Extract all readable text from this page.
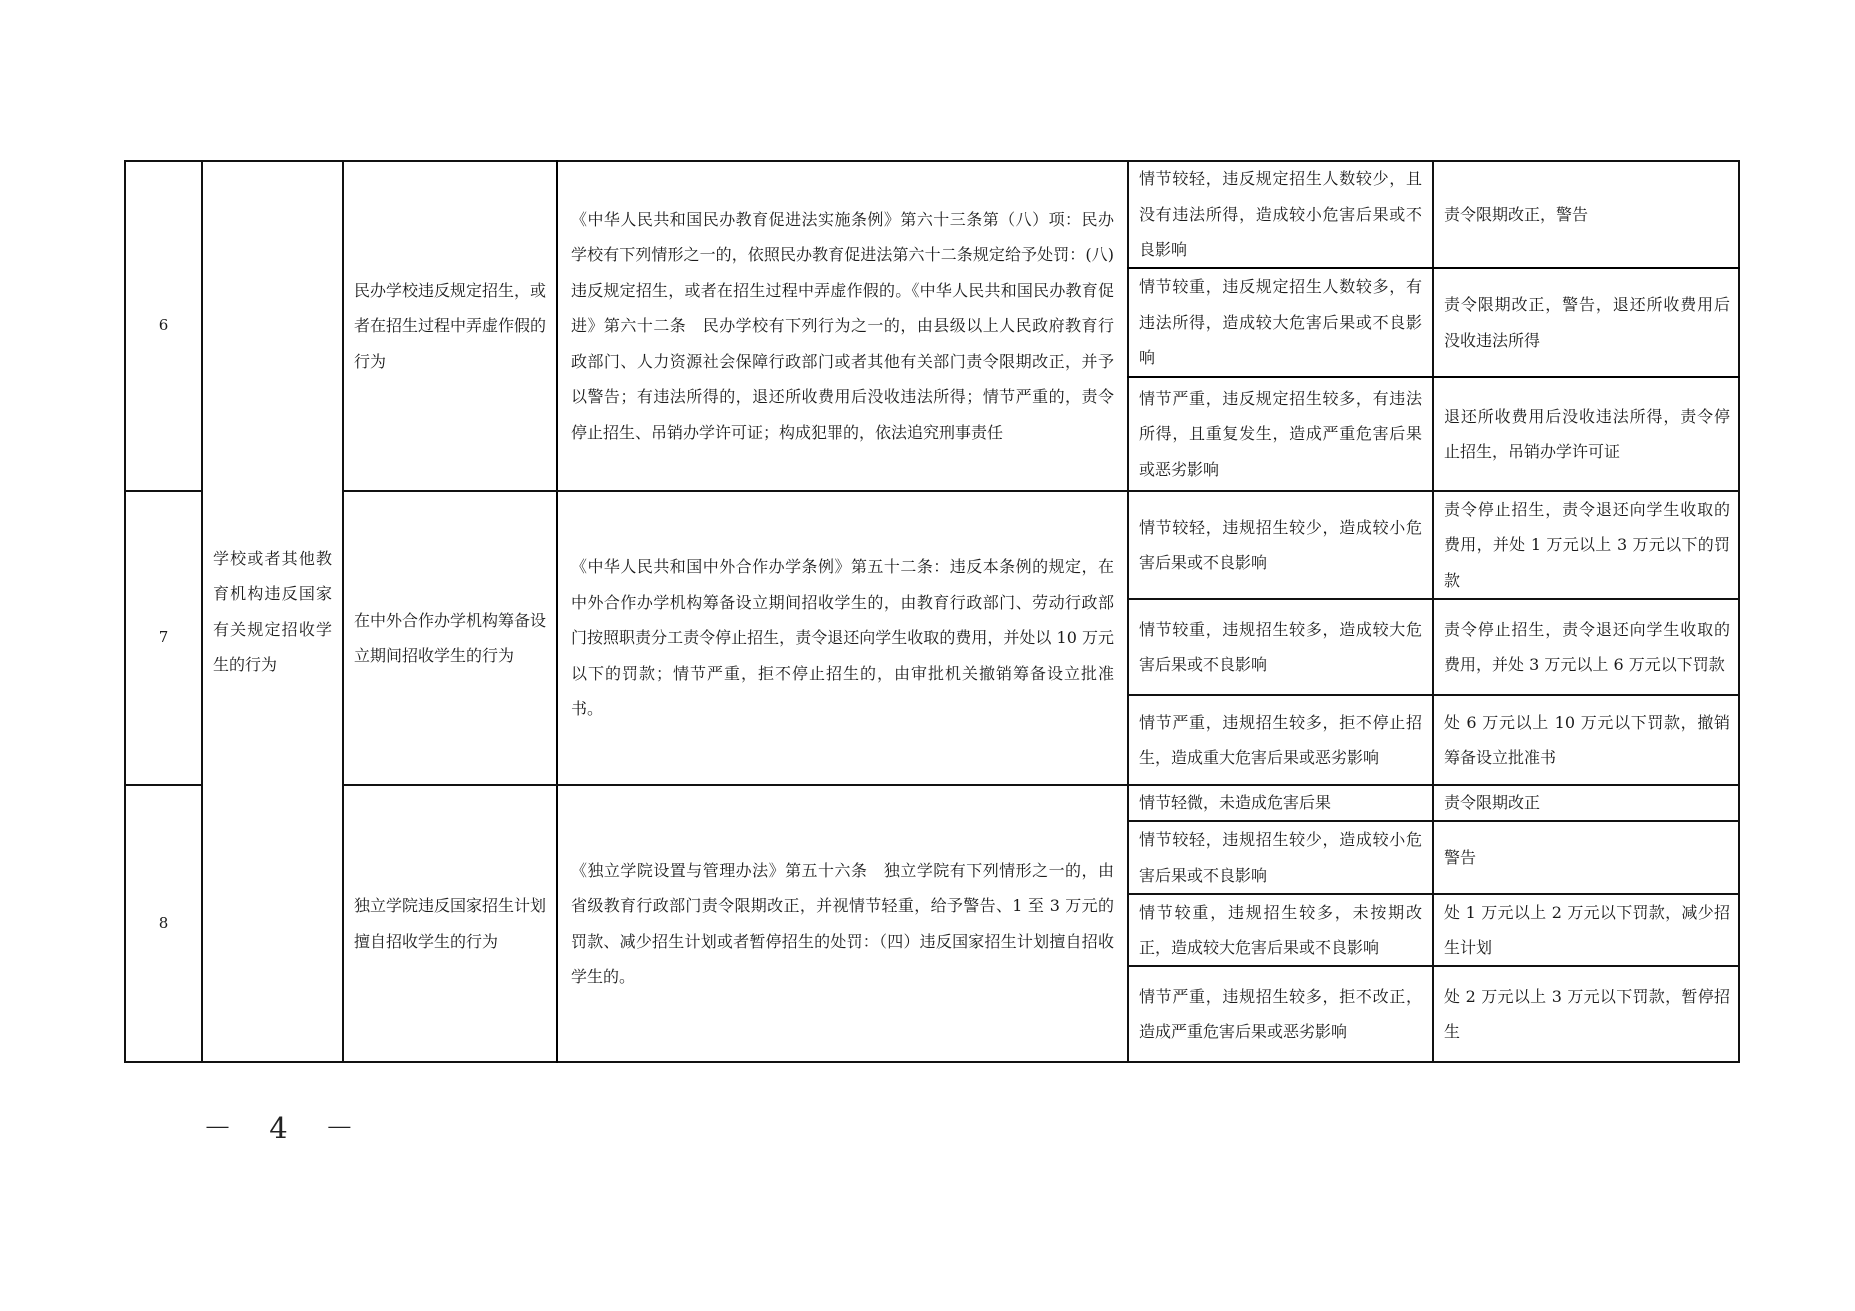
6
民办学校违反规定招生，或者在招生过程中弄虚作假的行为
《中华人民共和国民办教育促进法实施条例》第六十三条第（八）项：民办学校有下列情形之一的，依照民办教育促进法第六十二条规定给予处罚：(八)违反规定招生，或者在招生过程中弄虚作假的。《中华人民共和国民办教育促进》第六十二条　民办学校有下列行为之一的，由县级以上人民政府教育行政部门、人力资源社会保障行政部门或者其他有关部门责令限期改正，并予以警告；有违法所得的，退还所收费用后没收违法所得；情节严重的，责令停止招生、吊销办学许可证；构成犯罪的，依法追究刑事责任
情节较轻，违反规定招生人数较少，且没有违法所得，造成较小危害后果或不良影响
责令限期改正，警告
情节较重，违反规定招生人数较多，有违法所得，造成较大危害后果或不良影响
责令限期改正，警告，退还所收费用后没收违法所得
情节严重，违反规定招生较多，有违法所得，且重复发生，造成严重危害后果或恶劣影响
退还所收费用后没收违法所得，责令停止招生，吊销办学许可证
学校或者其他教育机构违反国家有关规定招收学生的行为
7
在中外合作办学机构筹备设立期间招收学生的行为
《中华人民共和国中外合作办学条例》第五十二条：违反本条例的规定，在中外合作办学机构筹备设立期间招收学生的，由教育行政部门、劳动行政部门按照职责分工责令停止招生，责令退还向学生收取的费用，并处以 10 万元以下的罚款；情节严重，拒不停止招生的，由审批机关撤销筹备设立批准书。
情节较轻，违规招生较少，造成较小危害后果或不良影响
责令停止招生，责令退还向学生收取的费用，并处 1 万元以上 3 万元以下的罚款
情节较重，违规招生较多，造成较大危害后果或不良影响
责令停止招生，责令退还向学生收取的费用，并处 3 万元以上 6 万元以下罚款
情节严重，违规招生较多，拒不停止招生，造成重大危害后果或恶劣影响
处 6 万元以上 10 万元以下罚款，撤销筹备设立批准书
8
独立学院违反国家招生计划擅自招收学生的行为
《独立学院设置与管理办法》第五十六条　独立学院有下列情形之一的，由省级教育行政部门责令限期改正，并视情节轻重，给予警告、1 至 3 万元的罚款、减少招生计划或者暂停招生的处罚：（四）违反国家招生计划擅自招收学生的。
情节轻微，未造成危害后果	责令限期改正
情节较轻，违规招生较少，造成较小危害后果或不良影响
警告
情节较重，违规招生较多，未按期改正，造成较大危害后果或不良影响
处 1 万元以上 2 万元以下罚款，减少招生计划
情节严重，违规招生较多，拒不改正，造成严重危害后果或恶劣影响
处 2 万元以上 3 万元以下罚款，暂停招生
－ 4 －
